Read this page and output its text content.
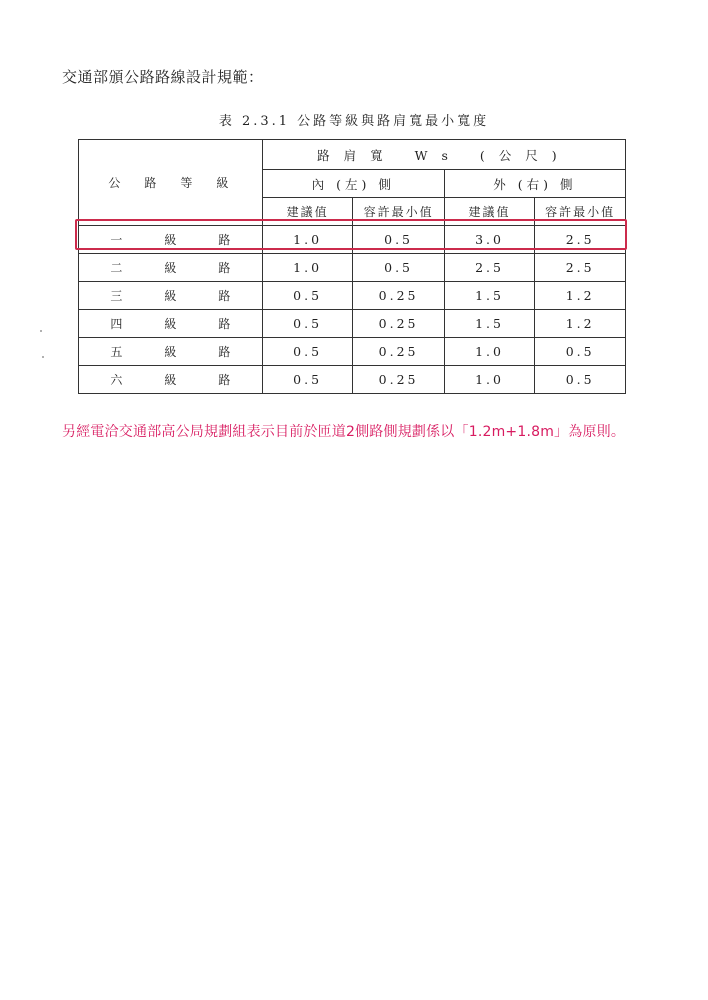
交通部頒公路路線設計規範：
表 2.3.1 公路等級與路肩寬最小寬度
公路等級	路肩寬 Ws (公尺)			
	內 (左) 側		外 (右) 側	
	建議值	容許最小值	建議值	容許最小值
一 級 路	1.0	0.5	3.0	2.5
二 級 路	1.0	0.5	2.5	2.5
三 級 路	0.5	0.25	1.5	1.2
四 級 路	0.5	0.25	1.5	1.2
五 級 路	0.5	0.25	1.0	0.5
六 級 路	0.5	0.25	1.0	0.5
另經電洽交通部高公局規劃組表示目前於匝道2側路側規劃係以「1.2m+1.8m」為原則。
